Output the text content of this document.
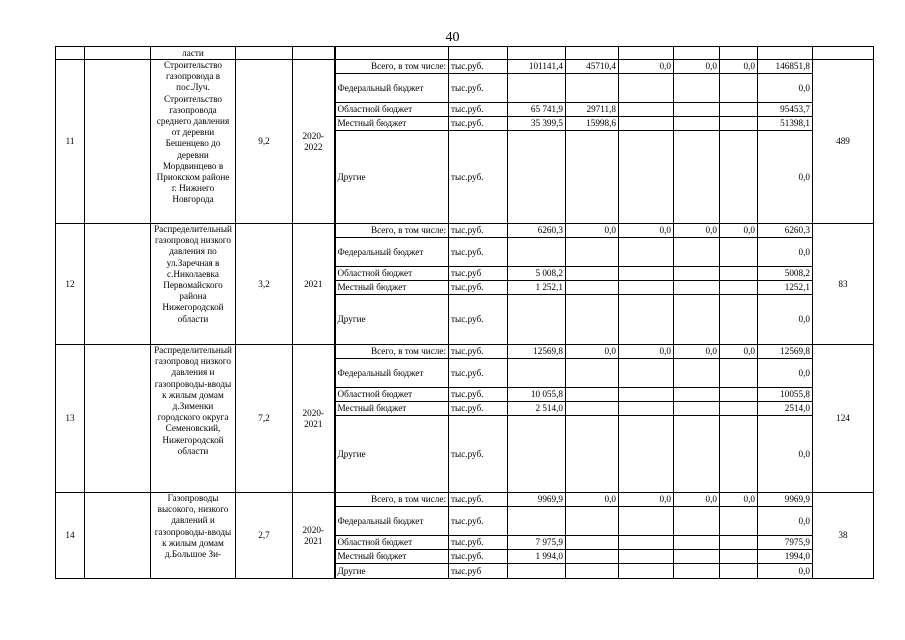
40
		ласти											
11		Строительство газопровода в пос.Луч. Строительство газопровода среднего давления от деревни Бешенцево до деревни Мордвинцево в Приокском районе г. Нижнего Новгорода	9,2	2020-2022	Всего, в том числе:	тыс.руб.	101141,4	45710,4	0,0	0,0	0,0	146851,8	489
					Федеральный бюджет	тыс.руб.						0,0	
					Областной бюджет	тыс.руб.	65 741,9	29711,8				95453,7	
					Местный бюджет	тыс.руб.	35 399,5	15998,6				51398,1	
					Другие	тыс.руб.						0,0	
12		Распределительный газопровод низкого давления по ул.Заречная в с.Николаевка Первомайского района Нижегородской области	3,2	2021	Всего, в том числе:	тыс.руб.	6260,3	0,0	0,0	0,0	0,0	6260,3	83
					Федеральный бюджет	тыс.руб.						0,0	
					Областной бюджет	тыс.руб	5 008,2					5008,2	
					Местный бюджет	тыс.руб.	1 252,1					1252,1	
					Другие	тыс.руб.						0,0	
13		Распределительный газопровод низкого давления и газопроводы-вводы к жилым домам д.Зименки городского округа Семеновский, Нижегородской области	7,2	2020-2021	Всего, в том числе:	тыс.руб.	12569,8	0,0	0,0	0,0	0,0	12569,8	124
					Федеральный бюджет	тыс.руб.						0,0	
					Областной бюджет	тыс.руб.	10 055,8					10055,8	
					Местный бюджет	тыс.руб.	2 514,0					2514,0	
					Другие	тыс.руб.						0,0	
14		Газопроводы высокого, низкого давлений и газопроводы-вводы к жилым домам д.Большое Зи-	2,7	2020-2021	Всего, в том числе:	тыс.руб.	9969,9	0,0	0,0	0,0	0,0	9969,9	38
					Федеральный бюджет	тыс.руб.						0,0	
					Областной бюджет	тыс.руб.	7 975,9					7975,9	
					Местный бюджет	тыс.руб.	1 994,0					1994,0	
					Другие	тыс.руб						0,0	
